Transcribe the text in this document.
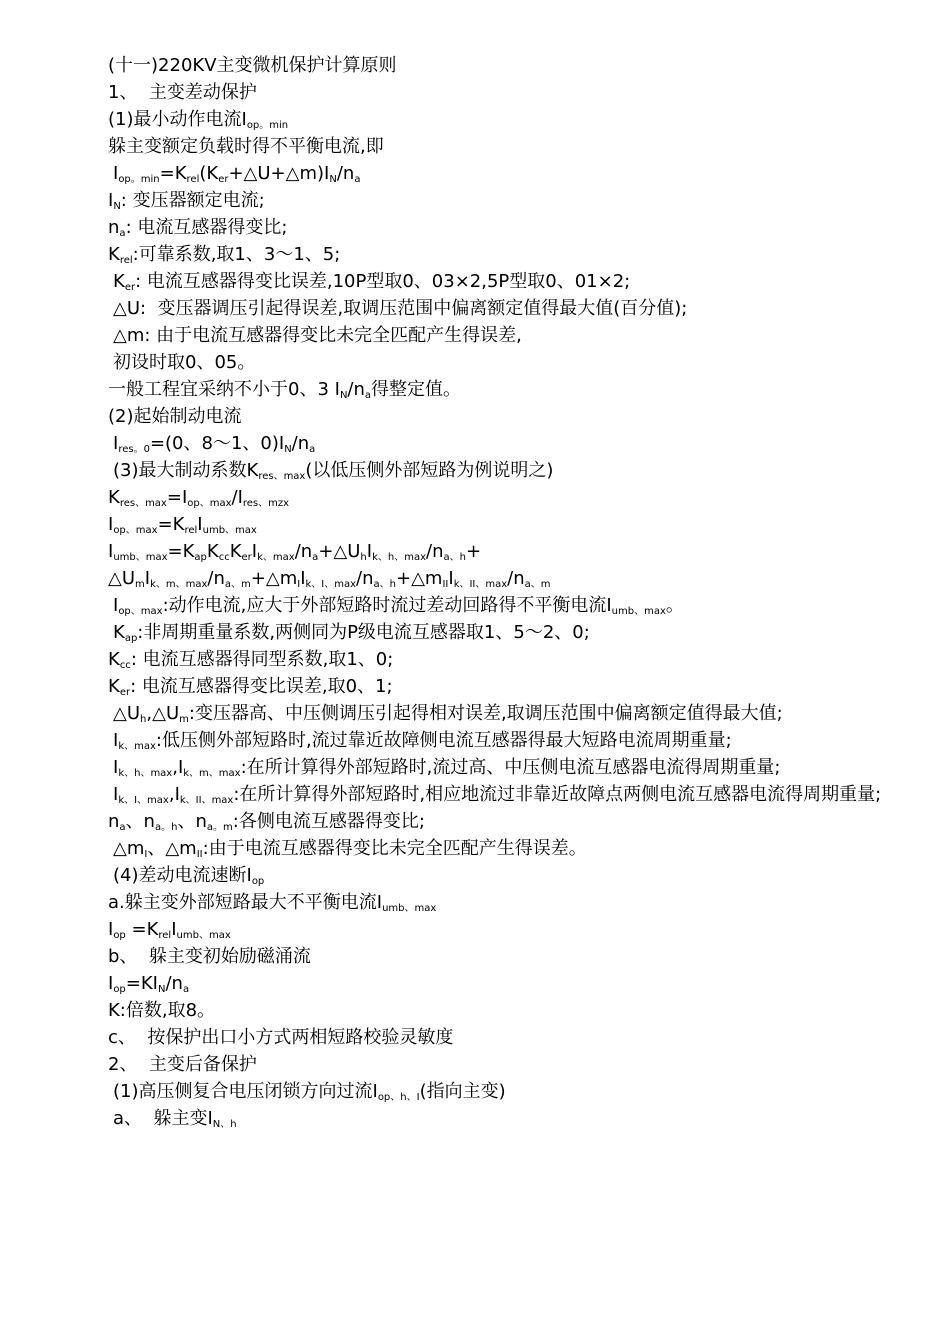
(十一)220KV主变微机保护计算原则
1、  主变差动保护
(1)最小动作电流$I_{op。min}$
躲主变额定负载时得不平衡电流,即
$I_{op。min}=K_{rel}(K_{er}+\triangle U+\triangle m)I_N/n_a$
$I_N$: 变压器额定电流;
$n_a$: 电流互感器得变比;
$K_{rel}$:可靠系数,取1、3〜1、5;
$K_{er}$: 电流互感器得变比误差,10P型取0、03×2,5P型取0、01×2;
△U:  变压器调压引起得误差,取调压范围中偏离额定值得最大值(百分值);
△m: 由于电流互感器得变比未完全匹配产生得误差,
初设时取0、05。
一般工程宜采纳不小于0、3 $I_N/n_a$得整定值。
(2)起始制动电流
$I_{res。0}=(0$、8〜1、$0)I_N/n_a$
(3)最大制动系数$K_{res、max}$(以低压侧外部短路为例说明之)
$K_{res、max}=I_{op、max}/I_{res、mzx}$
$I_{op、max}=K_{rel}I_{umb、max}$
$I_{umb、max}=K_{ap}K_{cc}K_{er}I_{k、max}/n_a+\triangle U_hI_{k、h、max}/n_{a、h}+$
$\triangle U_mI_{k、m、max}/n_{a、m}+\triangle m_II_{k、I、max}/n_{a、h}+\triangle m_{II}I_{k、II、max}/n_{a、m}$
$I_{op、max}$:动作电流,应大于外部短路时流过差动回路得不平衡电流$I_{umb、max}$。
$K_{ap}$:非周期重量系数,两侧同为P级电流互感器取1、5〜2、0;
$K_{cc}$: 电流互感器得同型系数,取1、0;
$K_{er}$: 电流互感器得变比误差,取0、1;
$\triangle U_h,\triangle U_m$:变压器高、中压侧调压引起得相对误差,取调压范围中偏离额定值得最大值;
$I_{k、max}$:低压侧外部短路时,流过靠近故障侧电流互感器得最大短路电流周期重量;
$I_{k、h、max},I_{k、m、max}$:在所计算得外部短路时,流过高、中压侧电流互感器电流得周期重量;
$I_{k、I、max},I_{k、II、max}$:在所计算得外部短路时,相应地流过非靠近故障点两侧电流互感器电流得周期重量;
$n_a$、$n_{a。h}$、$n_{a。m}$:各侧电流互感器得变比;
$\triangle m_I$、$\triangle m_{II}$:由于电流互感器得变比未完全匹配产生得误差。
(4)差动电流速断$I_{op}$
a.躲主变外部短路最大不平衡电流$I_{umb、max}$
$I_{op} =K_{rel}I_{umb、max}$
b、  躲主变初始励磁涌流
$I_{op}=KI_N/n_a$
K:倍数,取8。
c、  按保护出口小方式两相短路校验灵敏度
2、  主变后备保护
(1)高压侧复合电压闭锁方向过流$I_{op、h、I}$(指向主变)
a、  躲主变$I_{N、h}$
